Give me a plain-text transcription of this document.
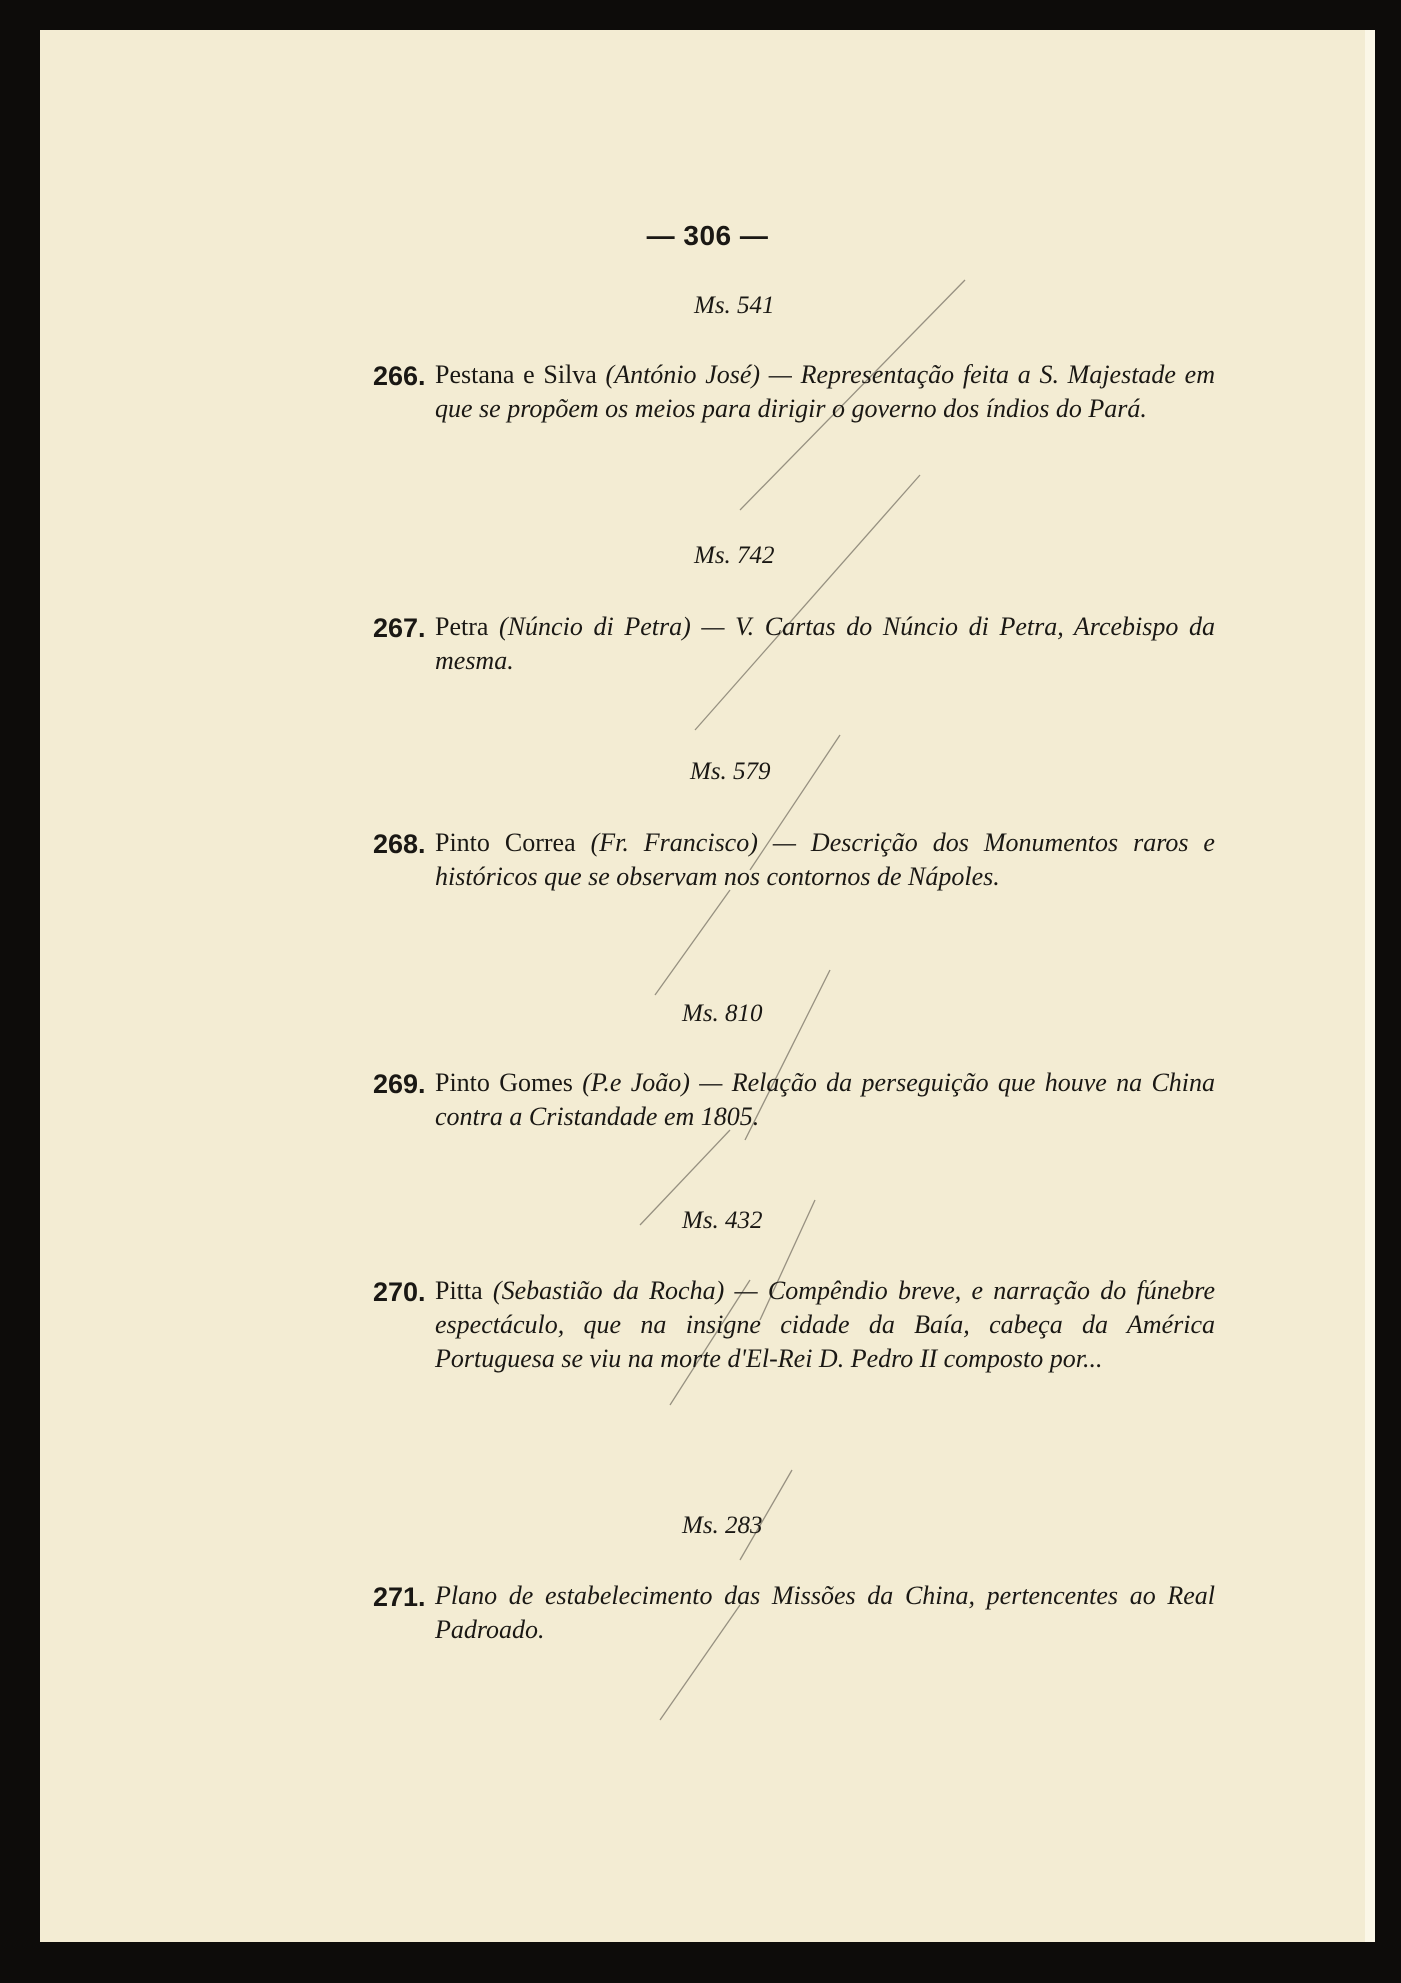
— 306 —
Ms. 541
266. Pestana e Silva (António José) — Representação feita a S. Majestade em que se propõem os meios para dirigir o governo dos índios do Pará.
Ms. 742
267. Petra (Núncio di Petra) — V. Cartas do Núncio di Petra, Arcebispo da mesma.
Ms. 579
268. Pinto Correa (Fr. Francisco) — Descrição dos Monumentos raros e históricos que se observam nos contornos de Nápoles.
Ms. 810
269. Pinto Gomes (P.e João) — Relação da perseguição que houve na China contra a Cristandade em 1805.
Ms. 432
270. Pitta (Sebastião da Rocha) — Compêndio breve, e narração do fúnebre espectáculo, que na insigne cidade da Baía, cabeça da América Portuguesa se viu na morte d'El-Rei D. Pedro II composto por...
Ms. 283
271. Plano de estabelecimento das Missões da China, pertencentes ao Real Padroado.
